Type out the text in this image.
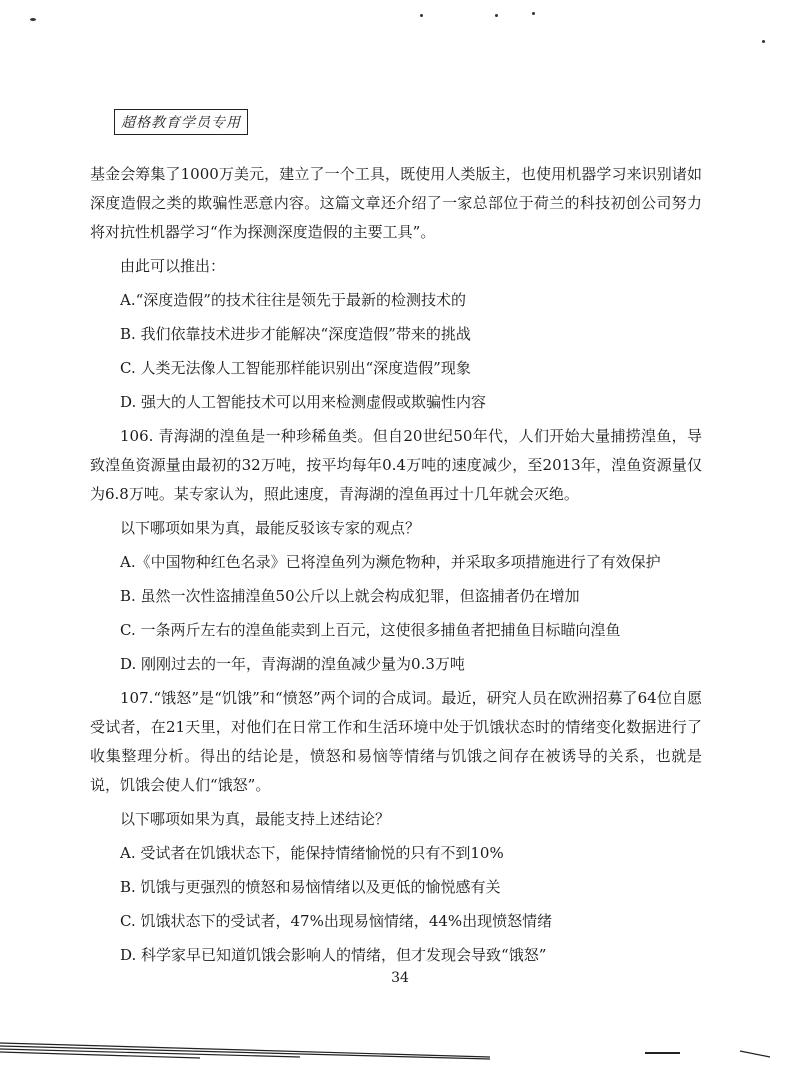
超格教育学员专用

基金会筹集了1000万美元，建立了一个工具，既使用人类版主，也使用机器学习来识别诸如深度造假之类的欺骗性恶意内容。这篇文章还介绍了一家总部位于荷兰的科技初创公司努力将对抗性机器学习“作为探测深度造假的主要工具”。

由此可以推出：

A.“深度造假”的技术往往是领先于最新的检测技术的

B. 我们依靠技术进步才能解决“深度造假”带来的挑战

C. 人类无法像人工智能那样能识别出“深度造假”现象

D. 强大的人工智能技术可以用来检测虚假或欺骗性内容

106. 青海湖的湟鱼是一种珍稀鱼类。但自20世纪50年代，人们开始大量捕捞湟鱼，导致湟鱼资源量由最初的32万吨，按平均每年0.4万吨的速度减少，至2013年，湟鱼资源量仅为6.8万吨。某专家认为，照此速度，青海湖的湟鱼再过十几年就会灭绝。

以下哪项如果为真，最能反驳该专家的观点？

A.《中国物种红色名录》已将湟鱼列为濒危物种，并采取多项措施进行了有效保护

B. 虽然一次性盗捕湟鱼50公斤以上就会构成犯罪，但盗捕者仍在增加

C. 一条两斤左右的湟鱼能卖到上百元，这使很多捕鱼者把捕鱼目标瞄向湟鱼

D. 刚刚过去的一年，青海湖的湟鱼减少量为0.3万吨

107.“饿怒”是“饥饿”和“愤怒”两个词的合成词。最近，研究人员在欧洲招募了64位自愿受试者，在21天里，对他们在日常工作和生活环境中处于饥饿状态时的情绪变化数据进行了收集整理分析。得出的结论是，愤怒和易恼等情绪与饥饿之间存在被诱导的关系，也就是说，饥饿会使人们“饿怒”。

以下哪项如果为真，最能支持上述结论？

A. 受试者在饥饿状态下，能保持情绪愉悦的只有不到10%

B. 饥饿与更强烈的愤怒和易恼情绪以及更低的愉悦感有关

C. 饥饿状态下的受试者，47%出现易恼情绪，44%出现愤怒情绪

D. 科学家早已知道饥饿会影响人的情绪，但才发现会导致“饿怒”

34
